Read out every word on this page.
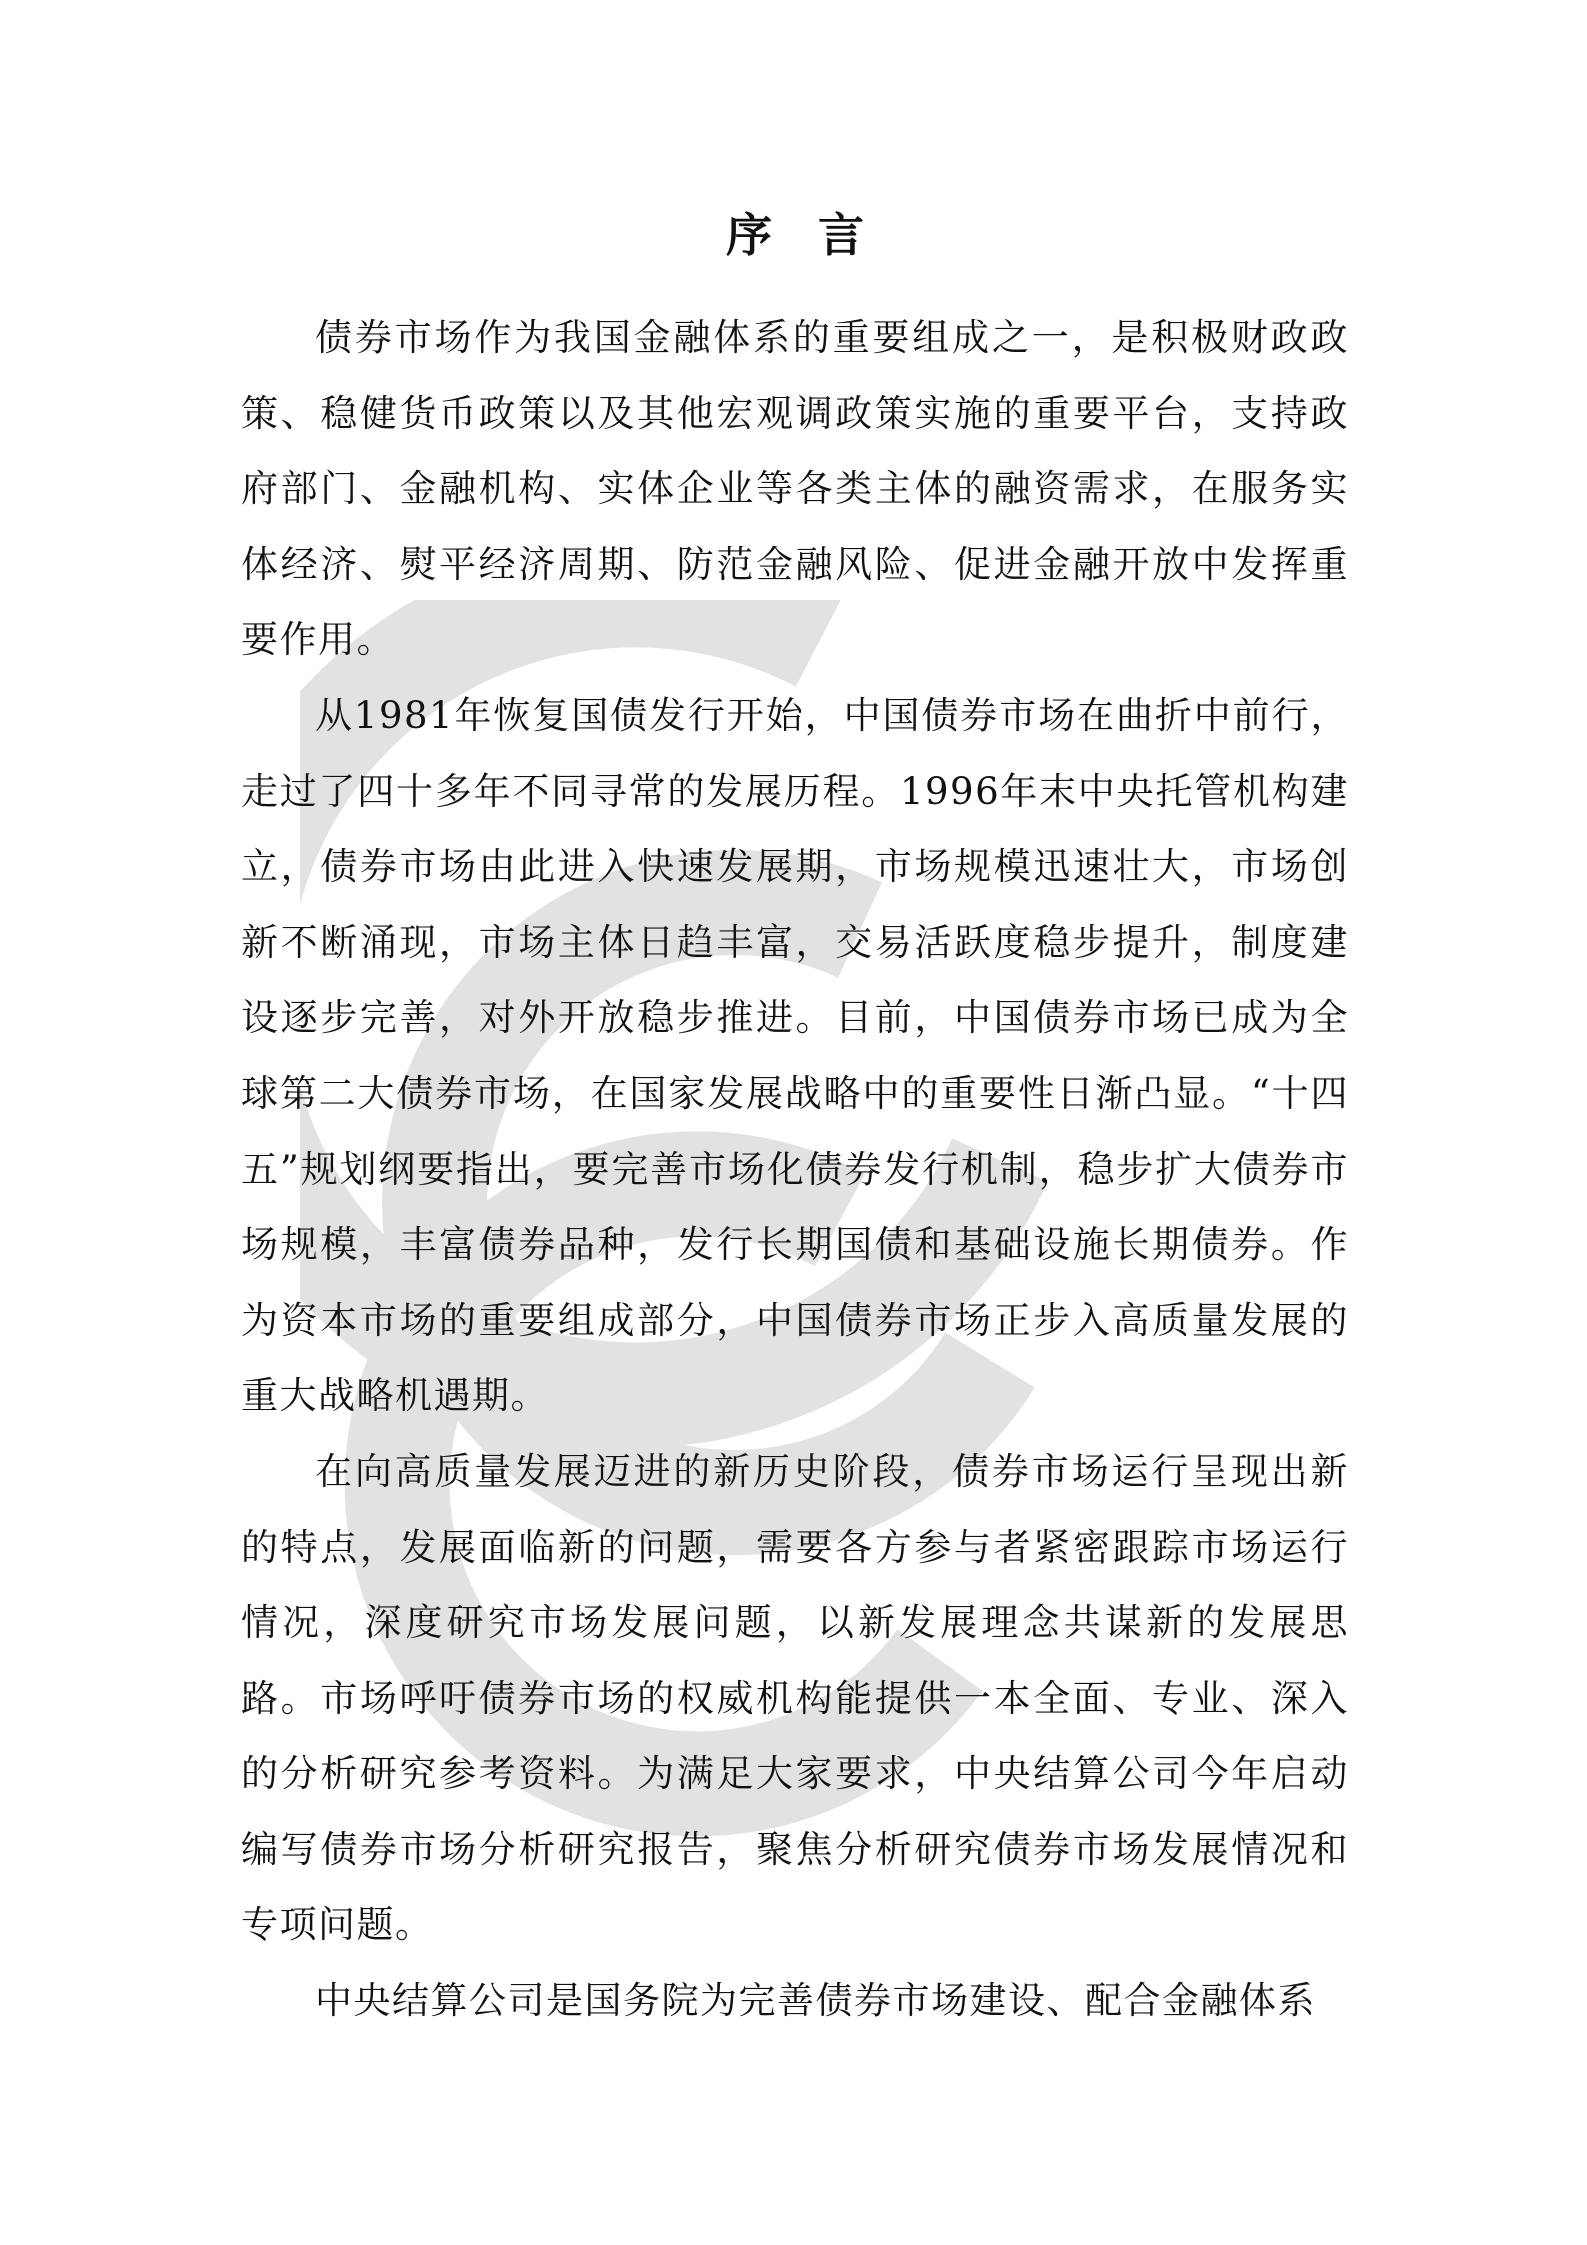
序言

债券市场作为我国金融体系的重要组成之一，是积极财政政策、稳健货币政策以及其他宏观调政策实施的重要平台，支持政府部门、金融机构、实体企业等各类主体的融资需求，在服务实体经济、熨平经济周期、防范金融风险、促进金融开放中发挥重要作用。

从1981年恢复国债发行开始，中国债券市场在曲折中前行，走过了四十多年不同寻常的发展历程。1996年末中央托管机构建立，债券市场由此进入快速发展期，市场规模迅速壮大，市场创新不断涌现，市场主体日趋丰富，交易活跃度稳步提升，制度建设逐步完善，对外开放稳步推进。目前，中国债券市场已成为全球第二大债券市场，在国家发展战略中的重要性日渐凸显。“十四五”规划纲要指出，要完善市场化债券发行机制，稳步扩大债券市场规模，丰富债券品种，发行长期国债和基础设施长期债券。作为资本市场的重要组成部分，中国债券市场正步入高质量发展的重大战略机遇期。

在向高质量发展迈进的新历史阶段，债券市场运行呈现出新的特点，发展面临新的问题，需要各方参与者紧密跟踪市场运行情况，深度研究市场发展问题，以新发展理念共谋新的发展思路。市场呼吁债券市场的权威机构能提供一本全面、专业、深入的分析研究参考资料。为满足大家要求，中央结算公司今年启动编写债券市场分析研究报告，聚焦分析研究债券市场发展情况和专项问题。

中央结算公司是国务院为完善债券市场建设、配合金融体系
